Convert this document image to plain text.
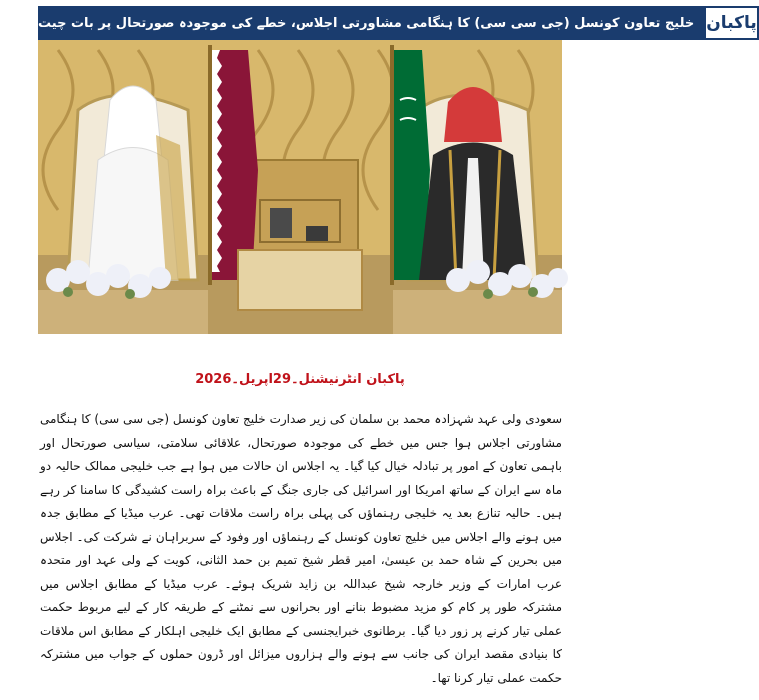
خلیج تعاون کونسل (جی سی سی) کا ہنگامی مشاورتی اجلاس، خطے کی موجودہ صورتحال پر بات چیت پاکبان
پاکبان انٹرنیشنل۔29اپریل۔2026
سعودی ولی عہد شہزادہ محمد بن سلمان کی زیر صدارت خلیج تعاون کونسل (جی سی سی) کا ہنگامی مشاورتی اجلاس ہوا جس میں خطے کی موجودہ صورتحال، علاقائی سلامتی، سیاسی صورتحال اور باہمی تعاون کے امور پر تبادلہ خیال کیا گیا۔ یہ اجلاس ان حالات میں ہوا ہے جب خلیجی ممالک حالیہ دو ماہ سے ایران کے ساتھ امریکا اور اسرائیل کی جاری جنگ کے باعث براہ راست کشیدگی کا سامنا کر رہے ہیں۔ حالیہ تنازع بعد یہ خلیجی رہنماؤں کی پہلی براہ راست ملاقات تھی۔ عرب میڈیا کے مطابق جدہ میں ہونے والے اجلاس میں خلیج تعاون کونسل کے رہنماؤں اور وفود کے سربراہان نے شرکت کی۔ اجلاس میں بحرین کے شاہ حمد بن عیسیٰ، امیر قطر شیخ تمیم بن حمد الثانی، کویت کے ولی عہد اور متحدہ عرب امارات کے وزیر خارجہ شیخ عبداللہ بن زاید شریک ہوئے۔ عرب میڈیا کے مطابق اجلاس میں مشترکہ طور پر کام کو مزید مضبوط بنانے اور بحرانوں سے نمٹنے کے طریقہ کار کے لیے مربوط حکمت عملی تیار کرنے پر زور دیا گیا۔ برطانوی خبرایجنسی کے مطابق ایک خلیجی اہلکار کے مطابق اس ملاقات کا بنیادی مقصد ایران کی جانب سے ہونے والے ہزاروں میزائل اور ڈرون حملوں کے جواب میں مشترکہ حکمت عملی تیار کرنا تھا۔
